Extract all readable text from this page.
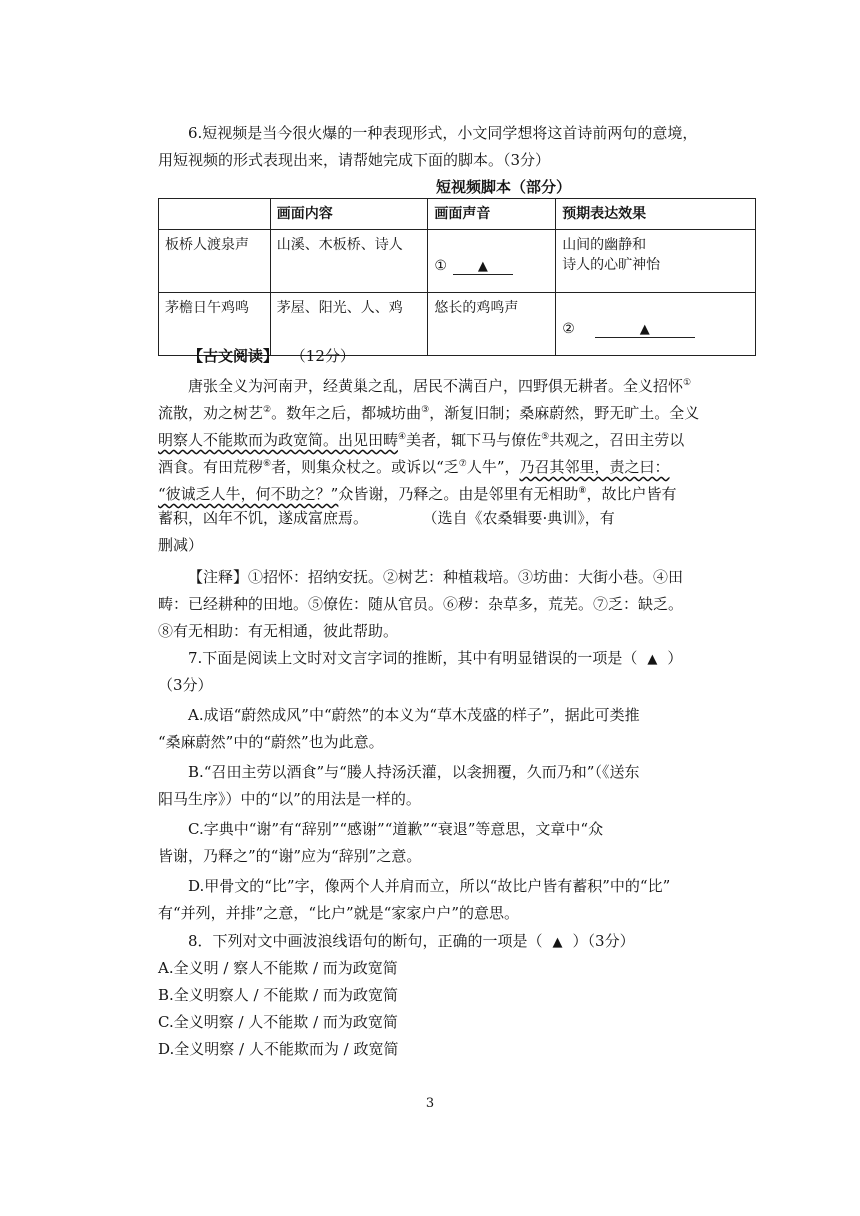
6.短视频是当今很火爆的一种表现形式，小文同学想将这首诗前两句的意境，
用短视频的形式表现出来，请帮她完成下面的脚本。（3分）
短视频脚本（部分）
	画面内容	画面声音	预期表达效果
板桥人渡泉声	山溪、木板桥、诗人	① ▲	山间的幽静和
诗人的心旷神怡

茅檐日午鸡鸣	茅屋、阳光、人、鸡	悠长的鸡鸣声	② ▲
【古文阅读】 （12分）
唐张全义为河南尹，经黄巢之乱，居民不满百户，四野俱无耕者。全义招怀①
流散，劝之树艺②。数年之后，都城坊曲③，渐复旧制；桑麻蔚然，野无旷土。全义
明察人不能欺而为政宽简。出见田畴④美者，辄下马与僚佐⑤共观之，召田主劳以
酒食。有田荒秽⑥者，则集众杖之。或诉以“乏⑦人牛”，乃召其邻里，责之曰：
“彼诚乏人牛，何不助之？”众皆谢，乃释之。由是邻里有无相助⑧，故比户皆有
蓄积，凶年不饥，遂成富庶焉。	（选自《农桑辑要·典训》，有
删减）
【注释】①招怀：招纳安抚。②树艺：种植栽培。③坊曲：大街小巷。④田
畴：已经耕种的田地。⑤僚佐：随从官员。⑥秽：杂草多，荒芜。⑦乏：缺乏。
⑧有无相助：有无相通，彼此帮助。
7.下面是阅读上文时对文言字词的推断，其中有明显错误的一项是（ ▲ ）
（3分）
A.成语“蔚然成风”中“蔚然”的本义为“草木茂盛的样子”，据此可类推
“桑麻蔚然”中的“蔚然”也为此意。
B.“召田主劳以酒食”与“媵人持汤沃灌，以衾拥覆，久而乃和”（《送东
阳马生序》）中的“以”的用法是一样的。
C.字典中“谢”有“辞别”“感谢”“道歉”“衰退”等意思，文章中“众
皆谢，乃释之”的“谢”应为“辞别”之意。
D.甲骨文的“比”字，像两个人并肩而立，所以“故比户皆有蓄积”中的“比”
有“并列，并排”之意，“比户”就是“家家户户”的意思。
8．下列对文中画波浪线语句的断句，正确的一项是（ ▲ ）（3分）
A.全义明 / 察人不能欺 / 而为政宽简
B.全义明察人 / 不能欺 / 而为政宽简
C.全义明察 / 人不能欺 / 而为政宽简
D.全义明察 / 人不能欺而为 / 政宽简
3
